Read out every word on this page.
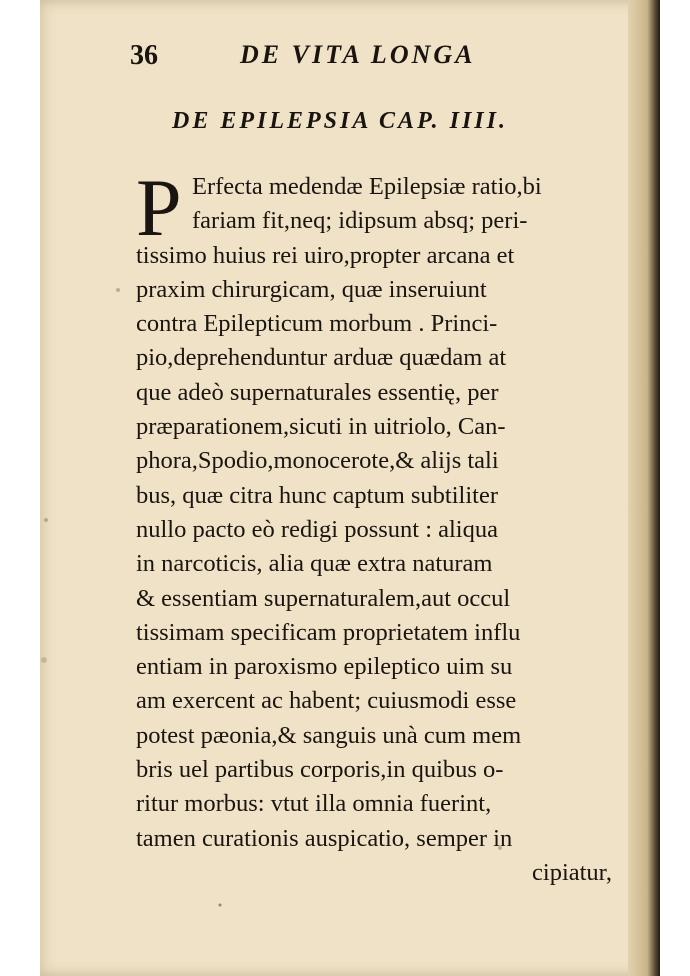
36	DE VITA LONGA
DE EPILEPSIA CAP. IIII.
P Erfecta medendæ Epilepsiæ ratio,bi
fariam fit,neq; idipsum absq; peri-
tissimo huius rei uiro,propter arcana et
praxim chirurgicam, quæ inseruiunt
contra Epilepticum morbum . Princi-
pio,deprehenduntur arduæ quædam at
que adeò supernaturales essentię, per
præparationem,sicuti in uitriolo, Can-
phora,Spodio,monocerote,& alijs tali
bus, quæ citra hunc captum subtiliter
nullo pacto eò redigi possunt : aliqua
in narcoticis, alia quæ extra naturam
& essentiam supernaturalem,aut occul
tissimam specificam proprietatem influ
entiam in paroxismo epileptico uim su
am exercent ac habent; cuiusmodi esse
potest pæonia,& sanguis unà cum mem
bris uel partibus corporis,in quibus o-
ritur morbus: vtut illa omnia fuerint,
tamen curationis auspicatio, semper in
cipiatur,
